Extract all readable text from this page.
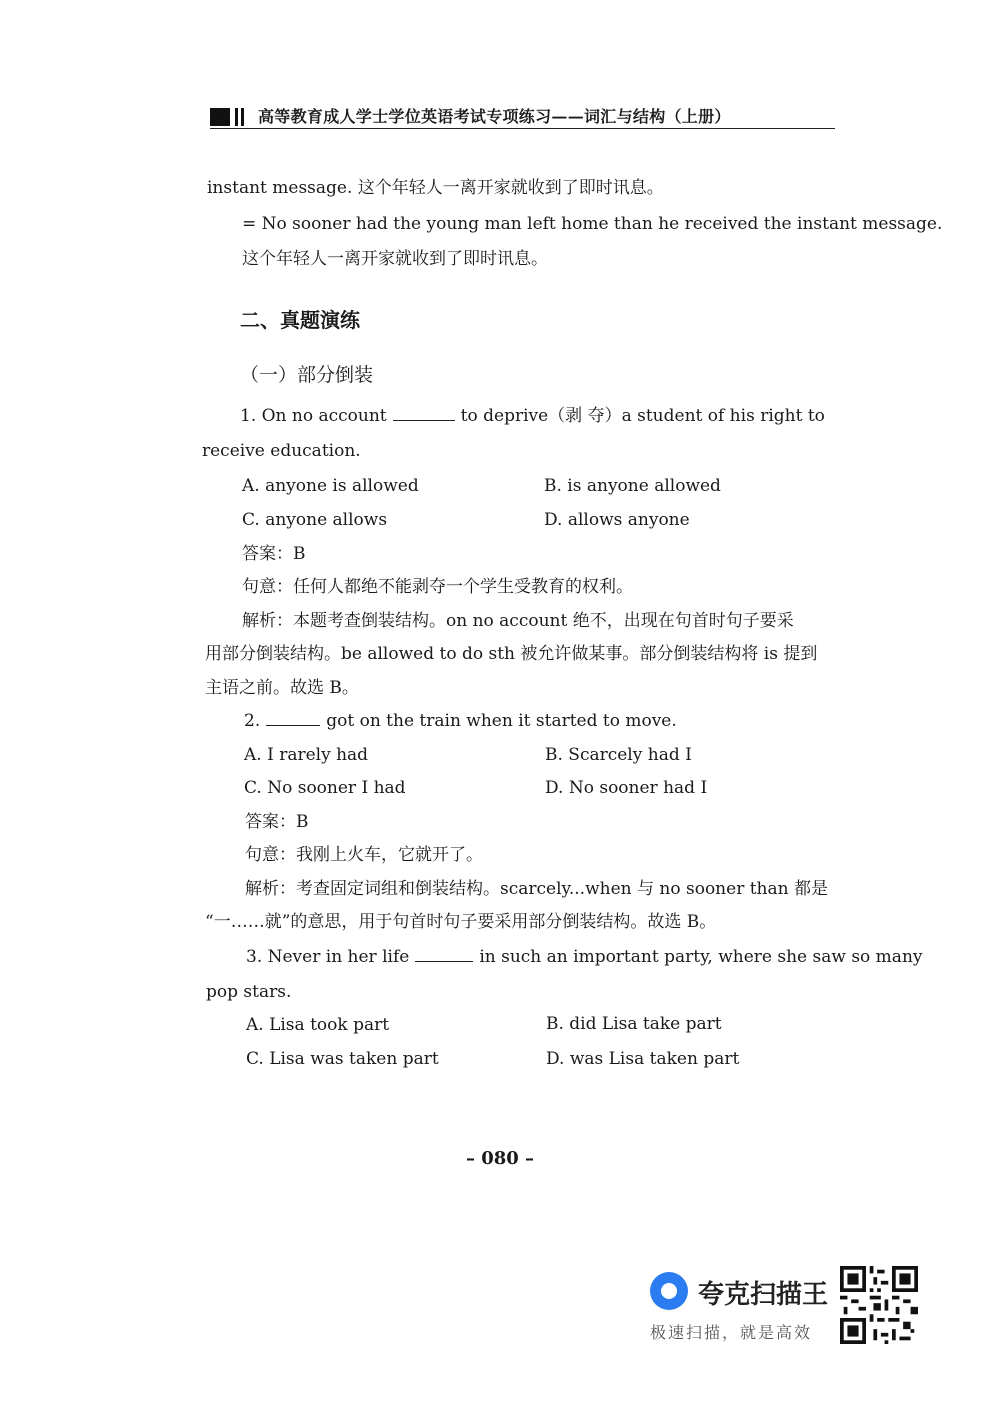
高等教育成人学士学位英语考试专项练习——词汇与结构（上册）
instant message. 这个年轻人一离开家就收到了即时讯息。
= No sooner had the young man left home than he received the instant message.
这个年轻人一离开家就收到了即时讯息。
二、真题演练
（一）部分倒装
1. On no account	to deprive（剥 夺）a student of his right to
receive education.
A. anyone is allowed	B. is anyone allowed
C. anyone allows	D. allows anyone
答案：B
句意：任何人都绝不能剥夺一个学生受教育的权利。
解析：本题考查倒装结构。on no account 绝不，出现在句首时句子要采
用部分倒装结构。be allowed to do sth 被允许做某事。部分倒装结构将 is 提到
主语之前。故选 B。
2.	got on the train when it started to move.
A. I rarely had	B. Scarcely had I
C. No sooner I had	D. No sooner had I
答案：B
句意：我刚上火车，它就开了。
解析：考查固定词组和倒装结构。scarcely...when 与 no sooner than 都是
“一……就”的意思，用于句首时句子要采用部分倒装结构。故选 B。
3. Never in her life	in such an important party, where she saw so many
pop stars.
A. Lisa took part	B. did Lisa take part
C. Lisa was taken part	D. was Lisa taken part
– 080 –
夸克扫描王
极速扫描，就是高效
